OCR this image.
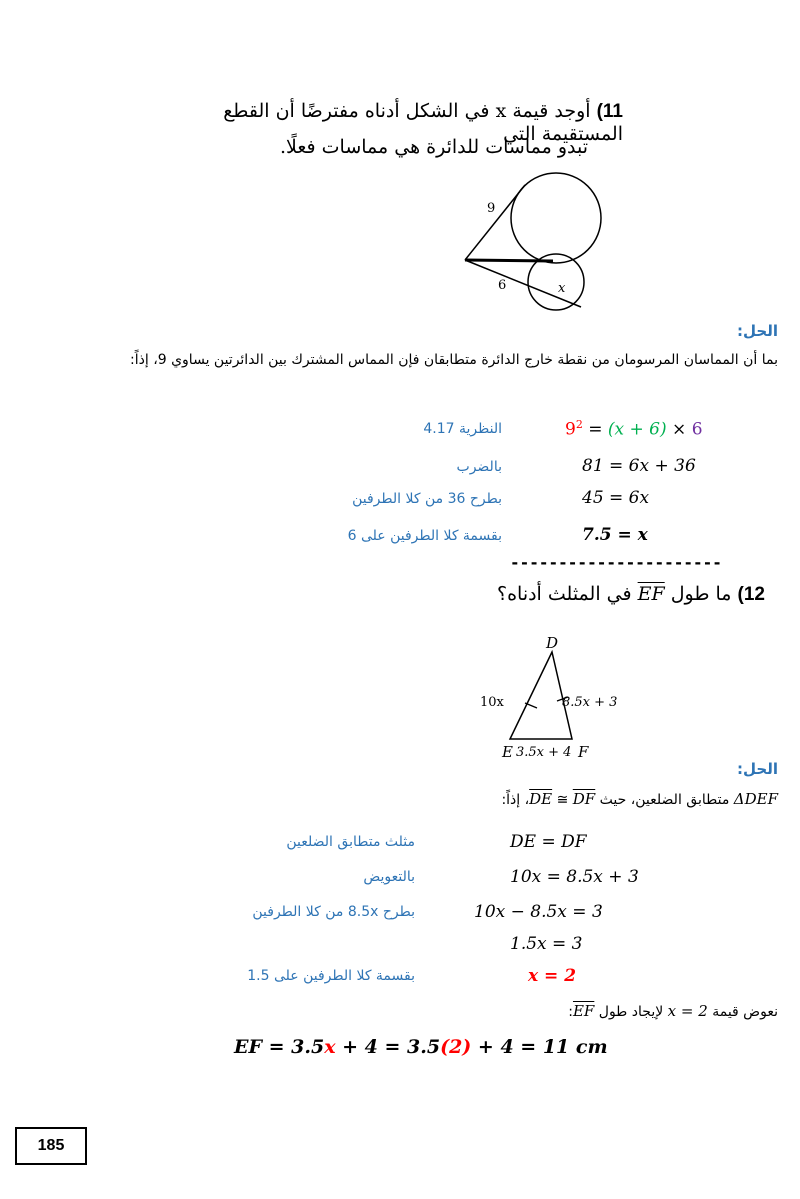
11) أوجد قيمة x في الشكل أدناه مفترضًا أن القطع المستقيمة التي
تبدو مماسات للدائرة هي مماسات فعلًا.
9
6	x
الحل:
بما أن المماسان المرسومان من نقطة خارج الدائرة متطابقان فإن المماس المشترك بين الدائرتين يساوي 9، إذاً:
النظرية 4.17	$9^2 = (x + 6) \times 6$
بالضرب	81 = 6x + 36
بطرح 36 من كلا الطرفين	45 = 6x
بقسمة كلا الطرفين على 6	7.5 = x
----------------------
12) ما طول EF في المثلث أدناه؟
D
E	F
10x	8.5x + 3
3.5x + 4
الحل:
ΔDEF متطابق الضلعين، حيث DE ≅ DF، إذاً:
مثلث متطابق الضلعين	DE = DF
بالتعويض	10x = 8.5x + 3
بطرح 8.5x من كلا الطرفين	10x − 8.5x = 3
1.5x = 3
بقسمة كلا الطرفين على 1.5	x = 2
نعوض قيمة x = 2 لإيجاد طول EF:
EF = 3.5x + 4 = 3.5(2) + 4 = 11 cm
185
